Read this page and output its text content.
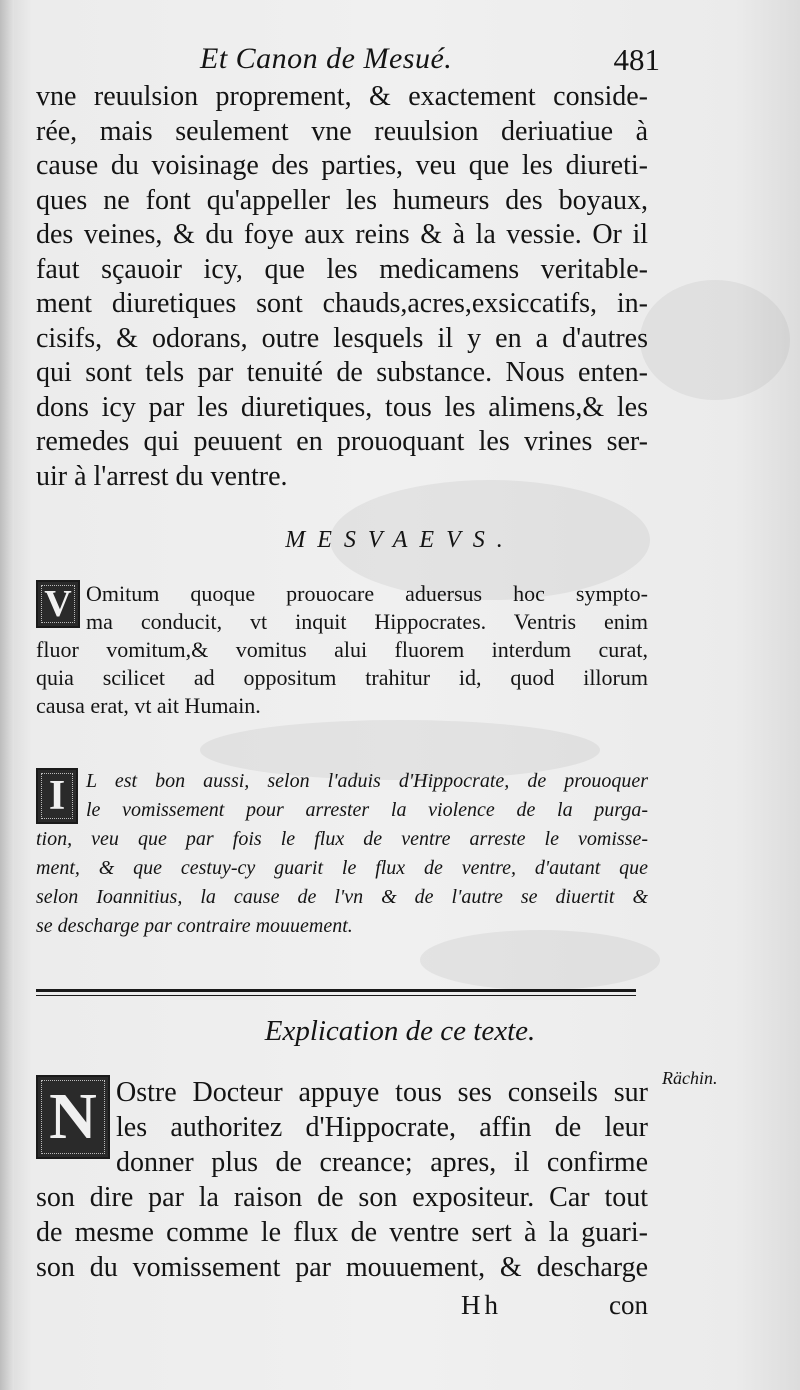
Et Canon de Mesué.	481

vne reuulsion proprement, & exactement conside-
rée, mais seulement vne reuulsion deriuatiue à
cause du voisinage des parties, veu que les diureti-
ques ne font qu'appeller les humeurs des boyaux,
des veines, & du foye aux reins & à la vessie. Or il
faut sçauoir icy, que les medicamens veritable-
ment diuretiques sont chauds,acres,exsiccatifs, in-
cisifs, & odorans, outre lesquels il y en a d'autres
qui sont tels par tenuité de substance. Nous enten-
dons icy par les diuretiques, tous les alimens,& les
remedes qui peuuent en prouoquant les vrines ser-
uir à l'arrest du ventre.

MESVAEVS.
V Omitum quoque prouocare aduersus hoc sympto-
ma conducit, vt inquit Hippocrates. Ventris enim
fluor vomitum,& vomitus alui fluorem interdum curat,
quia scilicet ad oppositum trahitur id, quod illorum
causa erat, vt ait Humain.

I	L est bon aussi, selon l'aduis d'Hippocrate, de prouoquer
le vomissement pour arrester la violence de la purga-
tion, veu que par fois le flux de ventre arreste le vomisse-
ment, & que cestuy-cy guarit le flux de ventre, d'autant que
selon Ioannitius, la cause de l'vn & de l'autre se diuertit &
se descharge par contraire mouuement.

Explication de ce texte.
Rächin.
N Ostre Docteur appuye tous ses conseils sur
les authoritez d'Hippocrate, affin de leur
donner plus de creance; apres, il confirme
son dire par la raison de son expositeur. Car tout
de mesme comme le flux de ventre sert à la guari-
son du vomissement par mouuement, & descharge

Hh	con
